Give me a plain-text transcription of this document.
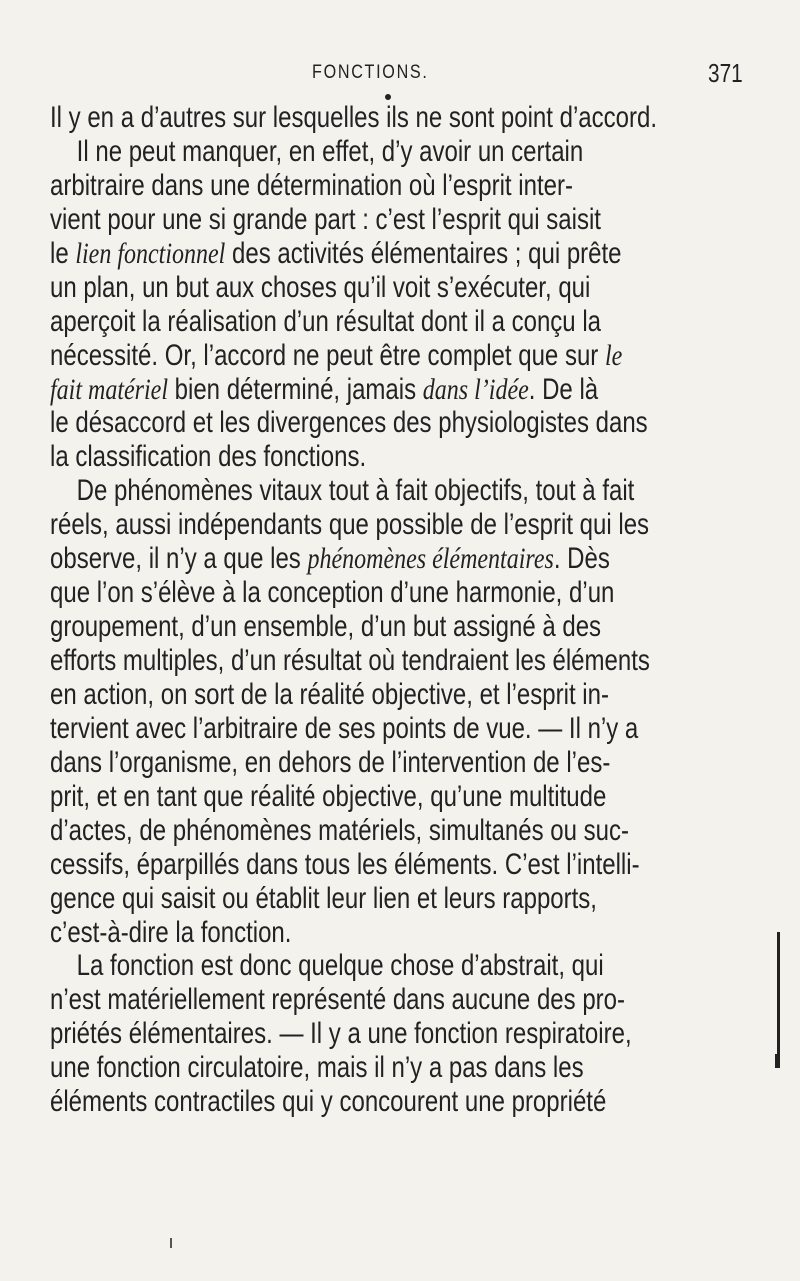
FONCTIONS.	371
Il y en a d’autres sur lesquelles ils ne sont point d’accord.
Il ne peut manquer, en effet, d’y avoir un certain
arbitraire dans une détermination où l’esprit inter-
vient pour une si grande part : c’est l’esprit qui saisit
le lien fonctionnel des activités élémentaires ; qui prête
un plan, un but aux choses qu’il voit s’exécuter, qui
aperçoit la réalisation d’un résultat dont il a conçu la
nécessité. Or, l’accord ne peut être complet que sur le
fait matériel bien déterminé, jamais dans l’idée. De là
le désaccord et les divergences des physiologistes dans
la classification des fonctions.
De phénomènes vitaux tout à fait objectifs, tout à fait
réels, aussi indépendants que possible de l’esprit qui les
observe, il n’y a que les phénomènes élémentaires. Dès
que l’on s’élève à la conception d’une harmonie, d’un
groupement, d’un ensemble, d’un but assigné à des
efforts multiples, d’un résultat où tendraient les éléments
en action, on sort de la réalité objective, et l’esprit in-
tervient avec l’arbitraire de ses points de vue. — Il n’y a
dans l’organisme, en dehors de l’intervention de l’es-
prit, et en tant que réalité objective, qu’une multitude
d’actes, de phénomènes matériels, simultanés ou suc-
cessifs, éparpillés dans tous les éléments. C’est l’intelli-
gence qui saisit ou établit leur lien et leurs rapports,
c’est-à-dire la fonction.
La fonction est donc quelque chose d’abstrait, qui
n’est matériellement représenté dans aucune des pro-
priétés élémentaires. — Il y a une fonction respiratoire,
une fonction circulatoire, mais il n’y a pas dans les
éléments contractiles qui y concourent une propriété
